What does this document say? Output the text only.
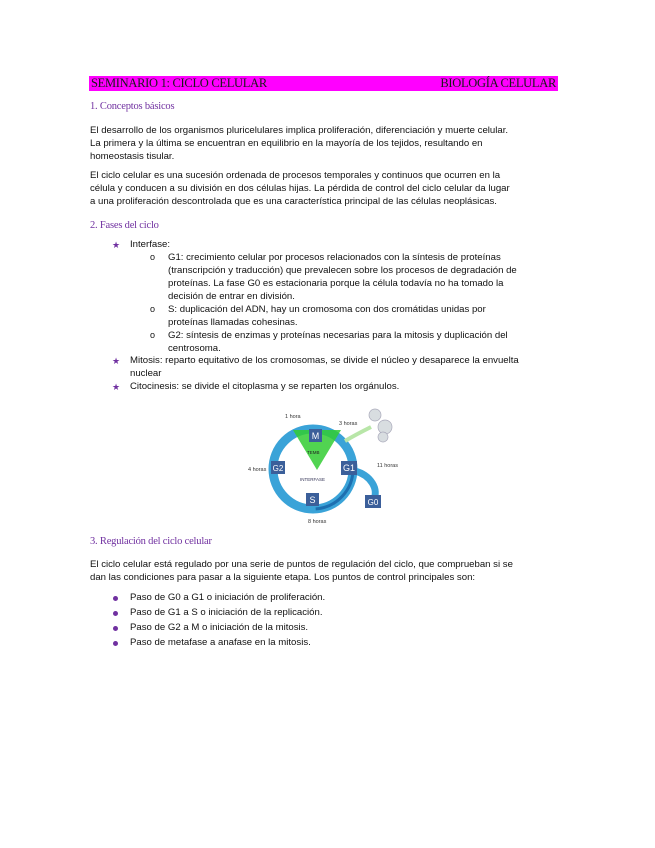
SEMINARIO 1: CICLO CELULAR	BIOLOGÍA CELULAR
1. Conceptos básicos
El desarrollo de los organismos pluricelulares implica proliferación, diferenciación y muerte celular.
La primera y la última se encuentran en equilibrio en la mayoría de los tejidos, resultando en
homeostasis tisular.
El ciclo celular es una sucesión ordenada de procesos temporales y continuos que ocurren en la
célula y conducen a su división en dos células hijas. La pérdida de control del ciclo celular da lugar
a una proliferación descontrolada que es una característica principal de las células neoplásicas.
2. Fases del ciclo
★ Interfase:
o G1: crecimiento celular por procesos relacionados con la síntesis de proteínas
(transcripción y traducción) que prevalecen sobre los procesos de degradación de
proteínas. La fase G0 es estacionaria porque la célula todavía no ha tomado la
decisión de entrar en división.
o S: duplicación del ADN, hay un cromosoma con dos cromátidas unidas por
proteínas llamadas cohesinas.
o G2: síntesis de enzimas y proteínas necesarias para la mitosis y duplicación del
centrosoma.
★ Mitosis: reparto equitativo de los cromosomas, se divide el núcleo y desaparece la envuelta
nuclear
★ Citocinesis: se divide el citoplasma y se reparten los orgánulos.
M
G1
G2
S	G0
1 hora
3 horas
4 horas
11 horas
8 horas
TEMB
INTERFASE
3. Regulación del ciclo celular
El ciclo celular está regulado por una serie de puntos de regulación del ciclo, que comprueban si se
dan las condiciones para pasar a la siguiente etapa. Los puntos de control principales son:
Paso de G0 a G1 o iniciación de proliferación.
Paso de G1 a S o iniciación de la replicación.
Paso de G2 a M o iniciación de la mitosis.
Paso de metafase a anafase en la mitosis.
